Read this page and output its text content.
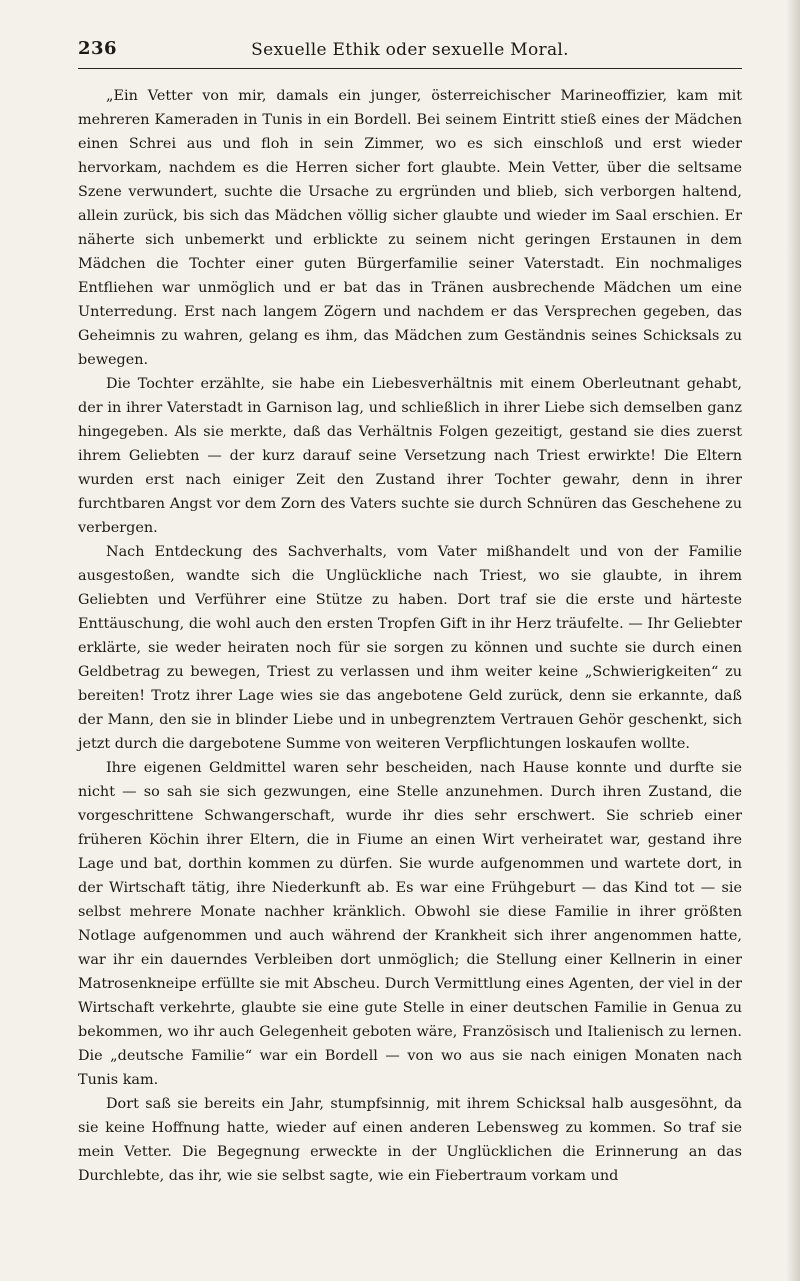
236	Sexuelle Ethik oder sexuelle Moral.

„Ein Vetter von mir, damals ein junger, österreichischer Marineoffizier, kam mit mehreren Kameraden in Tunis in ein Bordell. Bei seinem Eintritt stieß eines der Mädchen einen Schrei aus und floh in sein Zimmer, wo es sich einschloß und erst wieder hervorkam, nachdem es die Herren sicher fort glaubte. Mein Vetter, über die seltsame Szene verwundert, suchte die Ursache zu ergründen und blieb, sich verborgen haltend, allein zurück, bis sich das Mädchen völlig sicher glaubte und wieder im Saal erschien. Er näherte sich unbemerkt und erblickte zu seinem nicht geringen Erstaunen in dem Mädchen die Tochter einer guten Bürgerfamilie seiner Vaterstadt. Ein nochmaliges Entfliehen war unmöglich und er bat das in Tränen ausbrechende Mädchen um eine Unterredung. Erst nach langem Zögern und nachdem er das Versprechen gegeben, das Geheimnis zu wahren, gelang es ihm, das Mädchen zum Geständnis seines Schicksals zu bewegen.

Die Tochter erzählte, sie habe ein Liebesverhältnis mit einem Oberleutnant gehabt, der in ihrer Vaterstadt in Garnison lag, und schließlich in ihrer Liebe sich demselben ganz hingegeben. Als sie merkte, daß das Verhältnis Folgen gezeitigt, gestand sie dies zuerst ihrem Geliebten — der kurz darauf seine Versetzung nach Triest erwirkte! Die Eltern wurden erst nach einiger Zeit den Zustand ihrer Tochter gewahr, denn in ihrer furchtbaren Angst vor dem Zorn des Vaters suchte sie durch Schnüren das Geschehene zu verbergen.

Nach Entdeckung des Sachverhalts, vom Vater mißhandelt und von der Familie ausgestoßen, wandte sich die Unglückliche nach Triest, wo sie glaubte, in ihrem Geliebten und Verführer eine Stütze zu haben. Dort traf sie die erste und härteste Enttäuschung, die wohl auch den ersten Tropfen Gift in ihr Herz träufelte. — Ihr Geliebter erklärte, sie weder heiraten noch für sie sorgen zu können und suchte sie durch einen Geldbetrag zu bewegen, Triest zu verlassen und ihm weiter keine „Schwierigkeiten“ zu bereiten! Trotz ihrer Lage wies sie das angebotene Geld zurück, denn sie erkannte, daß der Mann, den sie in blinder Liebe und in unbegrenztem Vertrauen Gehör geschenkt, sich jetzt durch die dargebotene Summe von weiteren Verpflichtungen loskaufen wollte.

Ihre eigenen Geldmittel waren sehr bescheiden, nach Hause konnte und durfte sie nicht — so sah sie sich gezwungen, eine Stelle anzunehmen. Durch ihren Zustand, die vorgeschrittene Schwangerschaft, wurde ihr dies sehr erschwert. Sie schrieb einer früheren Köchin ihrer Eltern, die in Fiume an einen Wirt verheiratet war, gestand ihre Lage und bat, dorthin kommen zu dürfen. Sie wurde aufgenommen und wartete dort, in der Wirtschaft tätig, ihre Niederkunft ab. Es war eine Frühgeburt — das Kind tot — sie selbst mehrere Monate nachher kränklich. Obwohl sie diese Familie in ihrer größten Notlage aufgenommen und auch während der Krankheit sich ihrer angenommen hatte, war ihr ein dauerndes Verbleiben dort unmöglich; die Stellung einer Kellnerin in einer Matrosenkneipe erfüllte sie mit Abscheu. Durch Vermittlung eines Agenten, der viel in der Wirtschaft verkehrte, glaubte sie eine gute Stelle in einer deutschen Familie in Genua zu bekommen, wo ihr auch Gelegenheit geboten wäre, Französisch und Italienisch zu lernen. Die „deutsche Familie“ war ein Bordell — von wo aus sie nach einigen Monaten nach Tunis kam.

Dort saß sie bereits ein Jahr, stumpfsinnig, mit ihrem Schicksal halb ausgesöhnt, da sie keine Hoffnung hatte, wieder auf einen anderen Lebensweg zu kommen. So traf sie mein Vetter. Die Begegnung erweckte in der Unglücklichen die Erinnerung an das Durchlebte, das ihr, wie sie selbst sagte, wie ein Fiebertraum vorkam und
